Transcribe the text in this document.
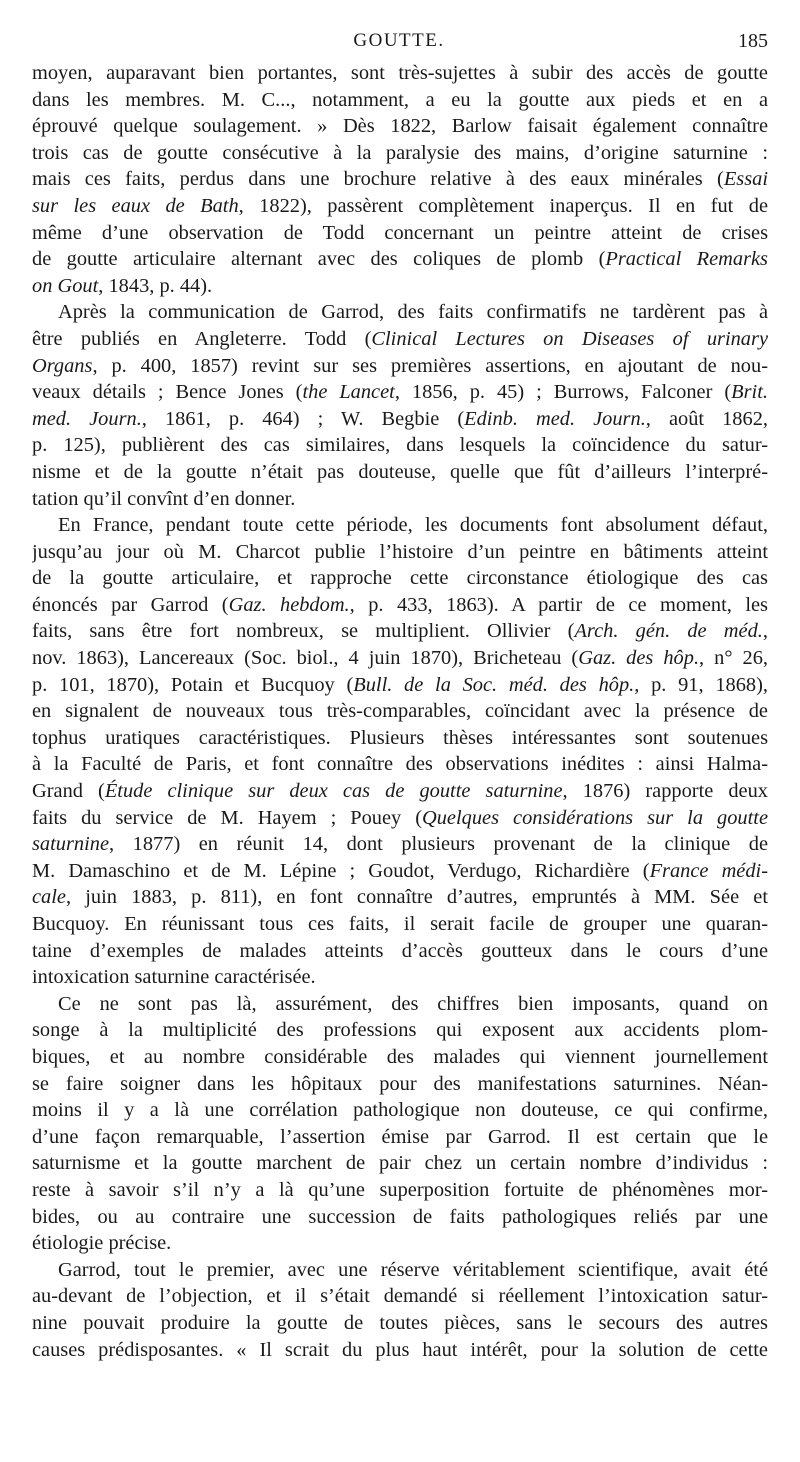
GOUTTE.	185
moyen, auparavant bien portantes, sont très-sujettes à subir des accès de goutte
dans les membres. M. C..., notamment, a eu la goutte aux pieds et en a
éprouvé quelque soulagement. » Dès 1822, Barlow faisait également connaître
trois cas de goutte consécutive à la paralysie des mains, d’origine saturnine :
mais ces faits, perdus dans une brochure relative à des eaux minérales (Essai
sur les eaux de Bath, 1822), passèrent complètement inaperçus. Il en fut de
même d’une observation de Todd concernant un peintre atteint de crises
de goutte articulaire alternant avec des coliques de plomb (Practical Remarks
on Gout, 1843, p. 44).
Après la communication de Garrod, des faits confirmatifs ne tardèrent pas à
être publiés en Angleterre. Todd (Clinical Lectures on Diseases of urinary
Organs, p. 400, 1857) revint sur ses premières assertions, en ajoutant de nou-
veaux détails ; Bence Jones (the Lancet, 1856, p. 45) ; Burrows, Falconer (Brit.
med. Journ., 1861, p. 464) ; W. Begbie (Edinb. med. Journ., août 1862,
p. 125), publièrent des cas similaires, dans lesquels la coïncidence du satur-
nisme et de la goutte n’était pas douteuse, quelle que fût d’ailleurs l’interpré-
tation qu’il convînt d’en donner.
En France, pendant toute cette période, les documents font absolument défaut,
jusqu’au jour où M. Charcot publie l’histoire d’un peintre en bâtiments atteint
de la goutte articulaire, et rapproche cette circonstance étiologique des cas
énoncés par Garrod (Gaz. hebdom., p. 433, 1863). A partir de ce moment, les
faits, sans être fort nombreux, se multiplient. Ollivier (Arch. gén. de méd.,
nov. 1863), Lancereaux (Soc. biol., 4 juin 1870), Bricheteau (Gaz. des hôp., n° 26,
p. 101, 1870), Potain et Bucquoy (Bull. de la Soc. méd. des hôp., p. 91, 1868),
en signalent de nouveaux tous très-comparables, coïncidant avec la présence de
tophus uratiques caractéristiques. Plusieurs thèses intéressantes sont soutenues
à la Faculté de Paris, et font connaître des observations inédites : ainsi Halma-
Grand (Étude clinique sur deux cas de goutte saturnine, 1876) rapporte deux
faits du service de M. Hayem ; Pouey (Quelques considérations sur la goutte
saturnine, 1877) en réunit 14, dont plusieurs provenant de la clinique de
M. Damaschino et de M. Lépine ; Goudot, Verdugo, Richardière (France médi-
cale, juin 1883, p. 811), en font connaître d’autres, empruntés à MM. Sée et
Bucquoy. En réunissant tous ces faits, il serait facile de grouper une quaran-
taine d’exemples de malades atteints d’accès goutteux dans le cours d’une
intoxication saturnine caractérisée.
Ce ne sont pas là, assurément, des chiffres bien imposants, quand on
songe à la multiplicité des professions qui exposent aux accidents plom-
biques, et au nombre considérable des malades qui viennent journellement
se faire soigner dans les hôpitaux pour des manifestations saturnines. Néan-
moins il y a là une corrélation pathologique non douteuse, ce qui confirme,
d’une façon remarquable, l’assertion émise par Garrod. Il est certain que le
saturnisme et la goutte marchent de pair chez un certain nombre d’individus :
reste à savoir s’il n’y a là qu’une superposition fortuite de phénomènes mor-
bides, ou au contraire une succession de faits pathologiques reliés par une
étiologie précise.
Garrod, tout le premier, avec une réserve véritablement scientifique, avait été
au-devant de l’objection, et il s’était demandé si réellement l’intoxication satur-
nine pouvait produire la goutte de toutes pièces, sans le secours des autres
causes prédisposantes. « Il scrait du plus haut intérêt, pour la solution de cette
